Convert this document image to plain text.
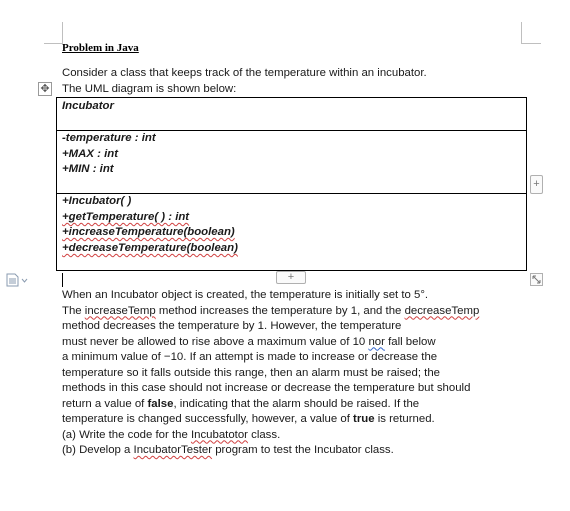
Problem in Java
Consider a class that keeps track of the temperature within an incubator.
The UML diagram is shown below:
✥
Incubator
-temperature : int
+MAX : int
+MIN : int
+Incubator( )
+getTemperature( ) : int
+increaseTemperature(boolean)
+decreaseTemperature(boolean)
+
+
When an Incubator object is created, the temperature is initially set to 5°.
The increaseTemp method increases the temperature by 1, and the decreaseTemp
method decreases the temperature by 1. However, the temperature
must never be allowed to rise above a maximum value of 10 nor fall below
a minimum value of −10. If an attempt is made to increase or decrease the
temperature so it falls outside this range, then an alarm must be raised; the
methods in this case should not increase or decrease the temperature but should
return a value of false, indicating that the alarm should be raised. If the
temperature is changed successfully, however, a value of true is returned.
(a) Write the code for the Incubatotor class.
(b) Develop a IncubatorTester program to test the Incubator class.
